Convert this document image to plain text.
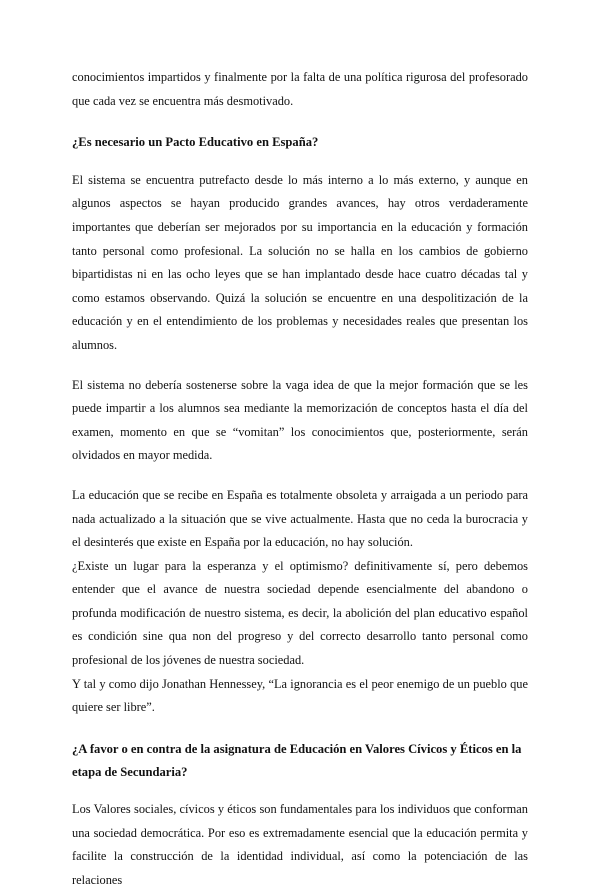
conocimientos impartidos y finalmente por la falta de una política rigurosa del profesorado que cada vez se encuentra más desmotivado.

¿Es necesario un Pacto Educativo en España?

El sistema se encuentra putrefacto desde lo más interno a lo más externo, y aunque en algunos aspectos se hayan producido grandes avances, hay otros verdaderamente importantes que deberían ser mejorados por su importancia en la educación y formación tanto personal como profesional. La solución no se halla en los cambios de gobierno bipartidistas ni en las ocho leyes que se han implantado desde hace cuatro décadas tal y como estamos observando. Quizá la solución se encuentre en una despolitización de la educación y en el entendimiento de los problemas y necesidades reales que presentan los alumnos.

El sistema no debería sostenerse sobre la vaga idea de que la mejor formación que se les puede impartir a los alumnos sea mediante la memorización de conceptos hasta el día del examen, momento en que se “vomitan” los conocimientos que, posteriormente, serán olvidados en mayor medida.

La educación que se recibe en España es totalmente obsoleta y arraigada a un periodo para nada actualizado a la situación que se vive actualmente. Hasta que no ceda la burocracia y el desinterés que existe en España por la educación, no hay solución.

¿Existe un lugar para la esperanza y el optimismo? definitivamente sí, pero debemos entender que el avance de nuestra sociedad depende esencialmente del abandono o profunda modificación de nuestro sistema, es decir, la abolición del plan educativo español es condición sine qua non del progreso y del correcto desarrollo tanto personal como profesional de los jóvenes de nuestra sociedad.

Y tal y como dijo Jonathan Hennessey, “La ignorancia es el peor enemigo de un pueblo que quiere ser libre”.

¿A favor o en contra de la asignatura de Educación en Valores Cívicos y Éticos en la etapa de Secundaria?

Los Valores sociales, cívicos y éticos son fundamentales para los individuos que conforman una sociedad democrática. Por eso es extremadamente esencial que la educación permita y facilite la construcción de la identidad individual, así como la potenciación de las relaciones
